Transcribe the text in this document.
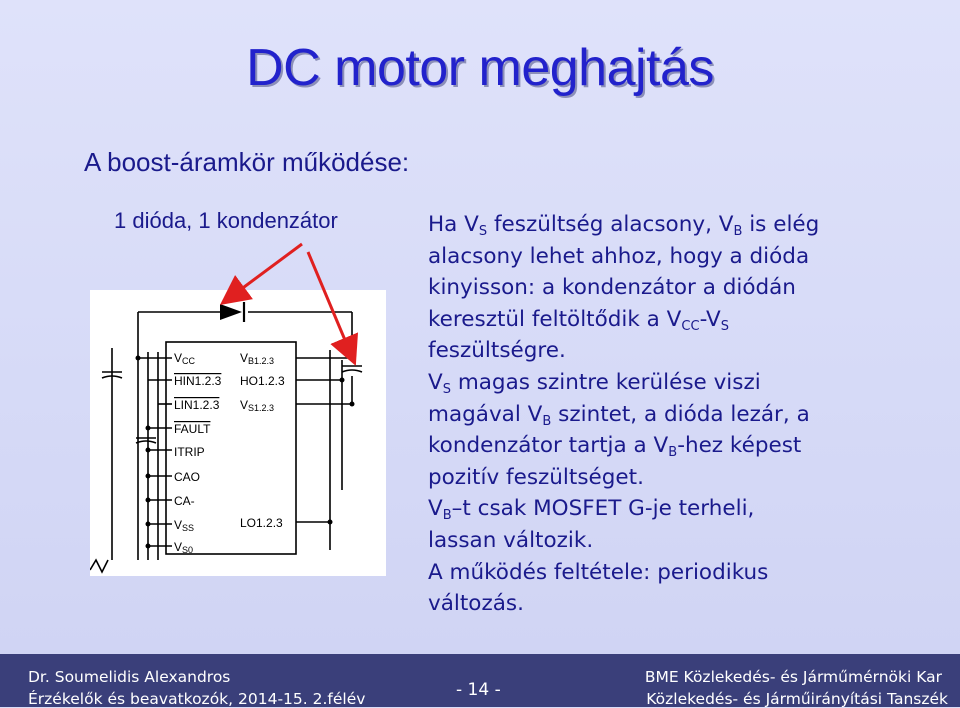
DC motor meghajtás
A boost-áramkör működése:
1 dióda, 1 kondenzátor	Ha $V_S$ feszültség alacsony, $V_B$ is elég
alacsony lehet ahhoz, hogy a dióda
kinyisson: a kondenzátor a diódán
keresztül feltöltődik a $V_{CC}-V_S$
feszültségre.
$V_S$ magas szintre kerülése viszi
magával $V_B$ szintet, a dióda lezár, a
kondenzátor tartja a $V_B$-hez képest
pozitív feszültséget.
$V_B-t$ csak MOSFET G-je terheli,
lassan változik.
A működés feltétele: periodikus
változás.
VCC
HIN1.2.3
LIN1.2.3
FAULT
ITRIP
CAO
CA-
VSS
VS0
VB1.2.3
HO1.2.3
VS1.2.3
LO1.2.3
Dr. Soumelidis Alexandros
Érzékelők és beavatkozók, 2014-15. 2.félév	- 14 -
BME Közlekedés- és Járműmérnöki Kar
Közlekedés- és Járműirányítási Tanszék
